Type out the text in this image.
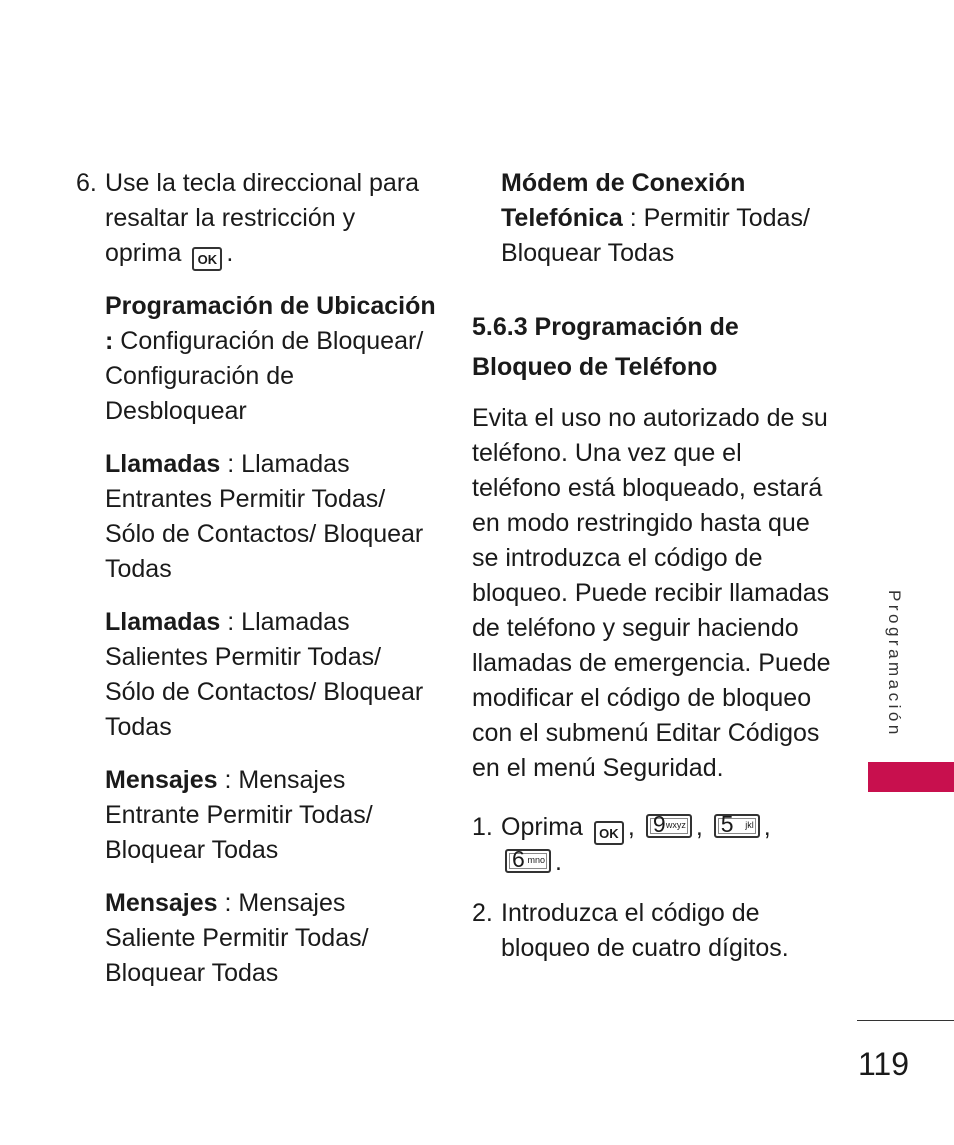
6. Use la tecla direccional para resaltar la restricción y oprima OK .
Programación de Ubicación : Configuración de Bloquear/ Configuración de Desbloquear
Llamadas : Llamadas Entrantes Permitir Todas/ Sólo de Contactos/ Bloquear Todas
Llamadas : Llamadas Salientes Permitir Todas/ Sólo de Contactos/ Bloquear Todas
Mensajes : Mensajes Entrante Permitir Todas/ Bloquear Todas
Mensajes : Mensajes Saliente Permitir Todas/ Bloquear Todas
Módem de Conexión Telefónica : Permitir Todas/ Bloquear Todas
5.6.3 Programación de Bloqueo de Teléfono
Evita el uso no autorizado de su teléfono. Una vez que el teléfono está bloqueado, estará en modo restringido hasta que se introduzca el código de bloqueo. Puede recibir llamadas de teléfono y seguir haciendo llamadas de emergencia. Puede modificar el código de bloqueo con el submenú Editar Códigos en el menú Seguridad.
1. Oprima OK , 9 wxyz , 5 jkl ,

6 mno .
2. Introduzca el código de bloqueo de cuatro dígitos.
Programación
119
